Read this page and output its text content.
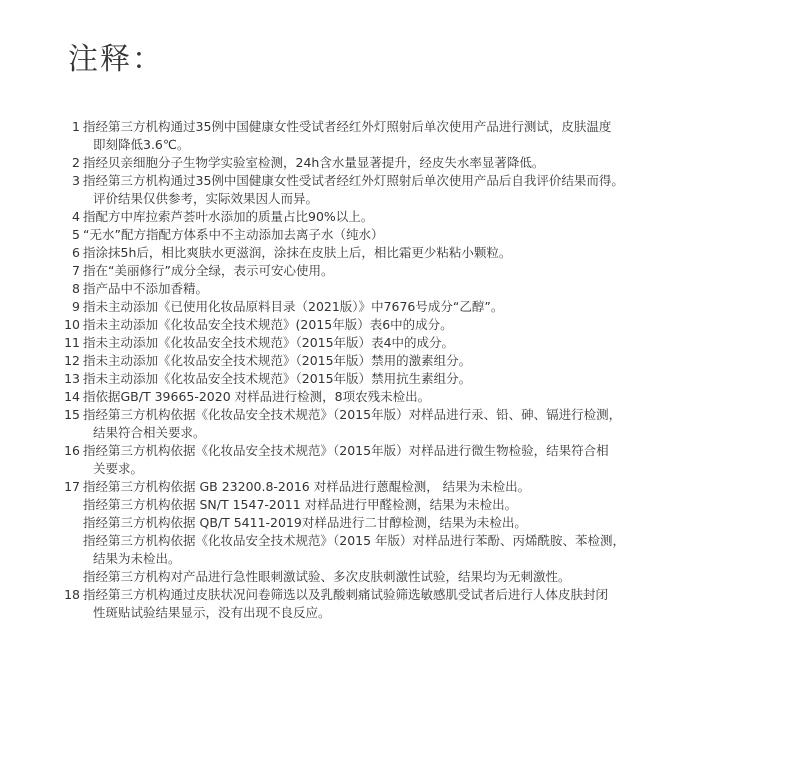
注释：
1 指经第三方机构通过35例中国健康女性受试者经红外灯照射后单次使用产品进行测试，皮肤温度
即刻降低3.6℃。
2 指经贝亲细胞分子生物学实验室检测，24h含水量显著提升，经皮失水率显著降低。
3 指经第三方机构通过35例中国健康女性受试者经红外灯照射后单次使用产品后自我评价结果而得。
评价结果仅供参考，实际效果因人而异。
4 指配方中库拉索芦荟叶水添加的质量占比90%以上。
5 “无水”配方指配方体系中不主动添加去离子水（纯水）
6 指涂抹5h后，相比爽肤水更滋润，涂抹在皮肤上后，相比霜更少粘粘小颗粒。
7 指在“美丽修行”成分全绿，表示可安心使用。
8 指产品中不添加香精。
9 指未主动添加《已使用化妆品原料目录（2021版）》中7676号成分“乙醇”。
10 指未主动添加《化妆品安全技术规范》(2015年版）表6中的成分。
11 指未主动添加《化妆品安全技术规范》（2015年版）表4中的成分。
12 指未主动添加《化妆品安全技术规范》（2015年版）禁用的激素组分。
13 指未主动添加《化妆品安全技术规范》（2015年版）禁用抗生素组分。
14 指依据GB/T 39665-2020 对样品进行检测，8项农残未检出。
15 指经第三方机构依据《化妆品安全技术规范》（2015年版）对样品进行汞、铅、砷、镉进行检测，
结果符合相关要求。
16 指经第三方机构依据《化妆品安全技术规范》（2015年版）对样品进行微生物检验，结果符合相
关要求。
17 指经第三方机构依据 GB 23200.8-2016 对样品进行蒽醌检测， 结果为未检出。
指经第三方机构依据 SN/T 1547-2011 对样品进行甲醛检测，结果为未检出。
指经第三方机构依据 QB/T 5411-2019对样品进行二甘醇检测，结果为未检出。
指经第三方机构依据《化妆品安全技术规范》（2015 年版）对样品进行苯酚、丙烯酰胺、苯检测，
结果为未检出。
指经第三方机构对产品进行急性眼刺激试验、多次皮肤刺激性试验，结果均为无刺激性。
18 指经第三方机构通过皮肤状况问卷筛选以及乳酸刺痛试验筛选敏感肌受试者后进行人体皮肤封闭
性斑贴试验结果显示，没有出现不良反应。
